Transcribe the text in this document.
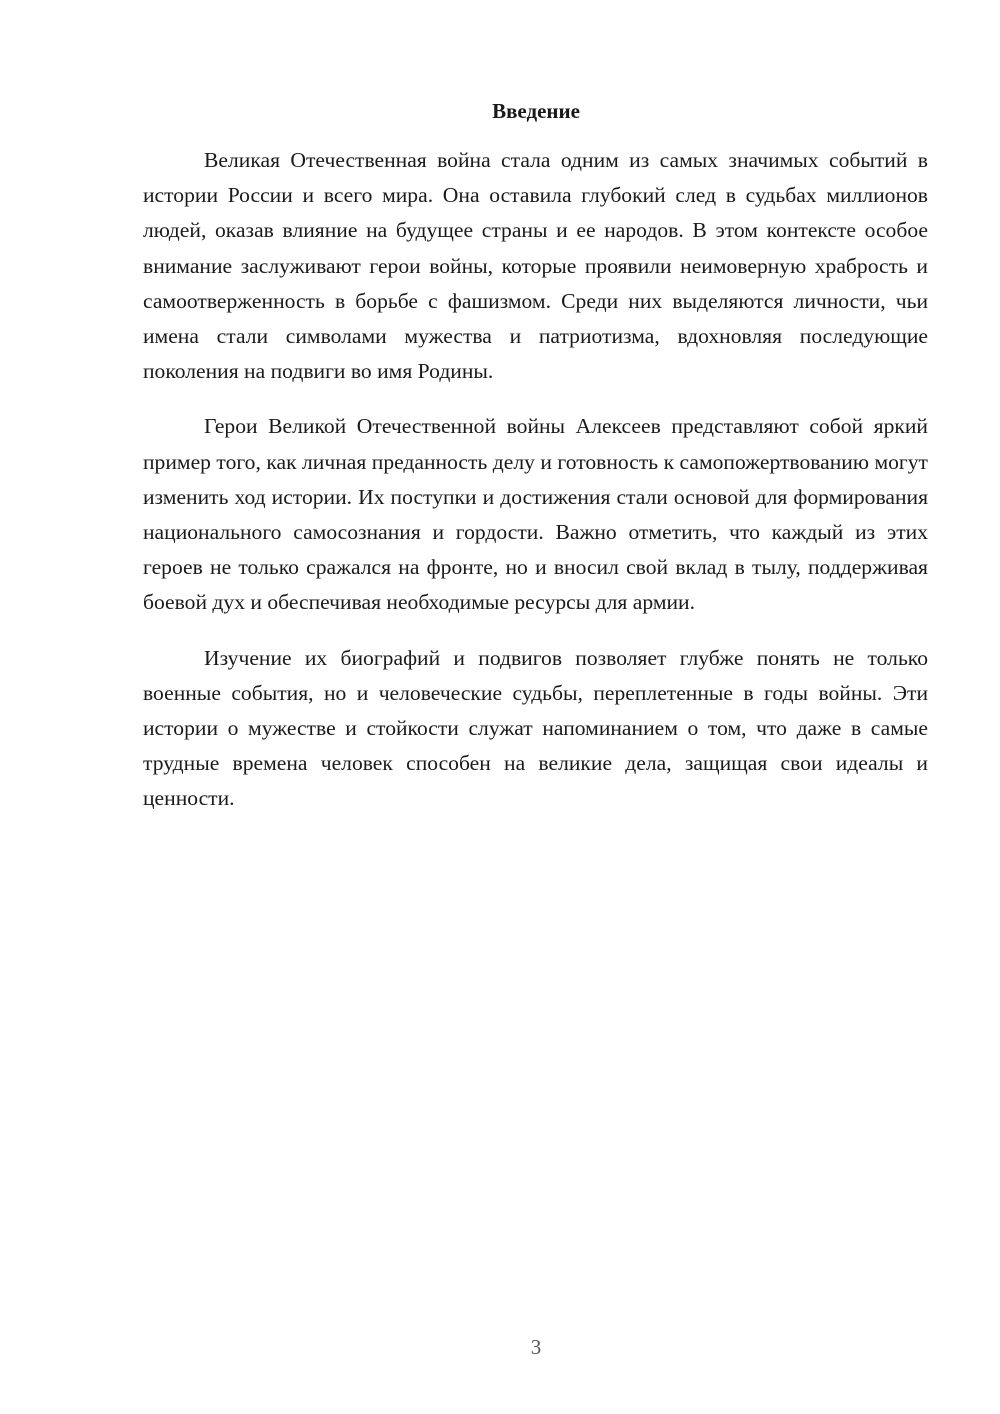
Введение

Великая Отечественная война стала одним из самых значимых событий в истории России и всего мира. Она оставила глубокий след в судьбах миллионов людей, оказав влияние на будущее страны и ее народов. В этом контексте особое внимание заслуживают герои войны, которые проявили неимоверную храбрость и самоотверженность в борьбе с фашизмом. Среди них выделяются личности, чьи имена стали символами мужества и патриотизма, вдохновляя последующие поколения на подвиги во имя Родины.

Герои Великой Отечественной войны Алексеев представляют собой яркий пример того, как личная преданность делу и готовность к самопожертвованию могут изменить ход истории. Их поступки и достижения стали основой для формирования национального самосознания и гордости. Важно отметить, что каждый из этих героев не только сражался на фронте, но и вносил свой вклад в тылу, поддерживая боевой дух и обеспечивая необходимые ресурсы для армии.

Изучение их биографий и подвигов позволяет глубже понять не только военные события, но и человеческие судьбы, переплетенные в годы войны. Эти истории о мужестве и стойкости служат напоминанием о том, что даже в самые трудные времена человек способен на великие дела, защищая свои идеалы и ценности.

3
